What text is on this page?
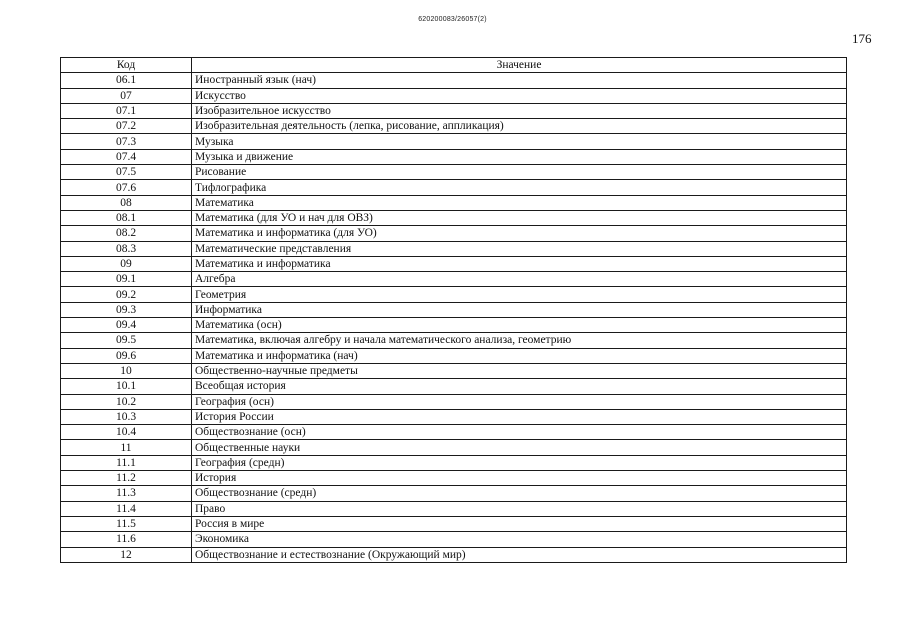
620200083/26057(2)
176
Код	Значение
06.1	Иностранный язык (нач)
07	Искусство
07.1	Изобразительное искусство
07.2	Изобразительная деятельность (лепка, рисование, аппликация)
07.3	Музыка
07.4	Музыка и движение
07.5	Рисование
07.6	Тифлографика
08	Математика
08.1	Математика (для УО и нач для ОВЗ)
08.2	Математика и информатика (для УО)
08.3	Математические представления
09	Математика и информатика
09.1	Алгебра
09.2	Геометрия
09.3	Информатика
09.4	Математика (осн)
09.5	Математика, включая алгебру и начала математического анализа, геометрию
09.6	Математика и информатика (нач)
10	Общественно-научные предметы
10.1	Всеобщая история
10.2	География (осн)
10.3	История России
10.4	Обществознание (осн)
11	Общественные науки
11.1	География (средн)
11.2	История
11.3	Обществознание (средн)
11.4	Право
11.5	Россия в мире
11.6	Экономика
12	Обществознание и естествознание (Окружающий мир)
